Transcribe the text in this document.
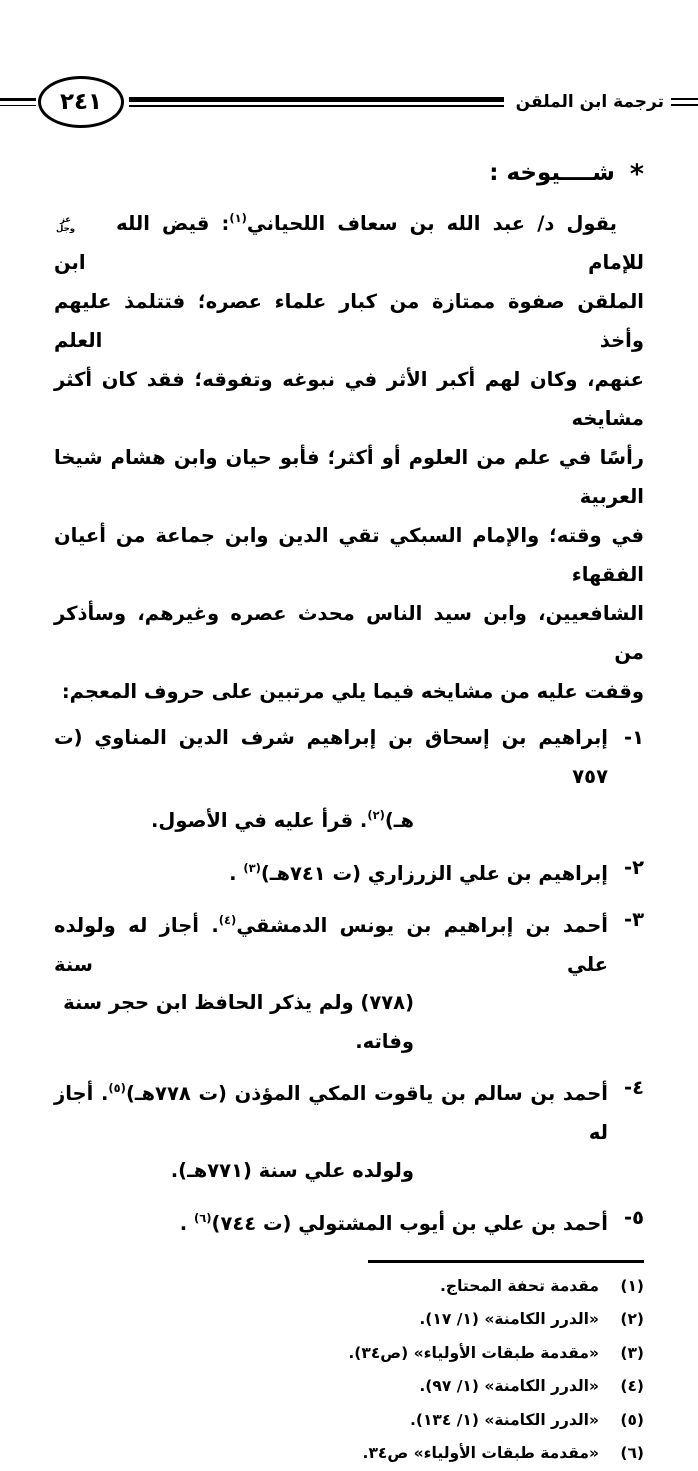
ترجمة ابن الملقن
٢٤١
*
شــــيوخه :
يقول د/ عبد الله بن سعاف اللحياني$^{(١)}$: قيض الله
عز
وجل
للإمام ابن
الملقن صفوة ممتازة من كبار علماء عصره؛ فتتلمذ عليهم وأخذ العلم
عنهم، وكان لهم أكبر الأثر في نبوغه وتفوقه؛ فقد كان أكثر مشايخه
رأسًا في علم من العلوم أو أكثر؛ فأبو حيان وابن هشام شيخا العربية
في وقته؛ والإمام السبكي تقي الدين وابن جماعة من أعيان الفقهاء
الشافعيين، وابن سيد الناس محدث عصره وغيرهم، وسأذكر من
وقفت عليه من مشايخه فيما يلي مرتبين على حروف المعجم:
١-
إبراهيم بن إسحاق بن إبراهيم شرف الدين المناوي (ت ٧٥٧
هـ)$^{(٢)}$. قرأ عليه في الأصول.
٢-
إبراهيم بن علي الزرزاري (ت ٧٤١هـ)$^{(٣)}$ .
٣-
أحمد بن إبراهيم بن يونس الدمشقي$^{(٤)}$. أجاز له ولولده علي سنة
(٧٧٨) ولم يذكر الحافظ ابن حجر سنة وفاته.
٤-
أحمد بن سالم بن ياقوت المكي المؤذن (ت ٧٧٨هـ)$^{(٥)}$. أجاز له
ولولده علي سنة (٧٧١هـ).
٥-
أحمد بن علي بن أيوب المشتولي (ت ٧٤٤)$^{(٦)}$ .
(١)
مقدمة تحفة المحتاج.
(٢)
«الدرر الكامنة» (١/ ١٧).
(٣)
«مقدمة طبقات الأولياء» (ص٣٤).
(٤)
«الدرر الكامنة» (١/ ٩٧).
(٥)
«الدرر الكامنة» (١/ ١٣٤).
(٦)
«مقدمة طبقات الأولياء» ص٣٤.
